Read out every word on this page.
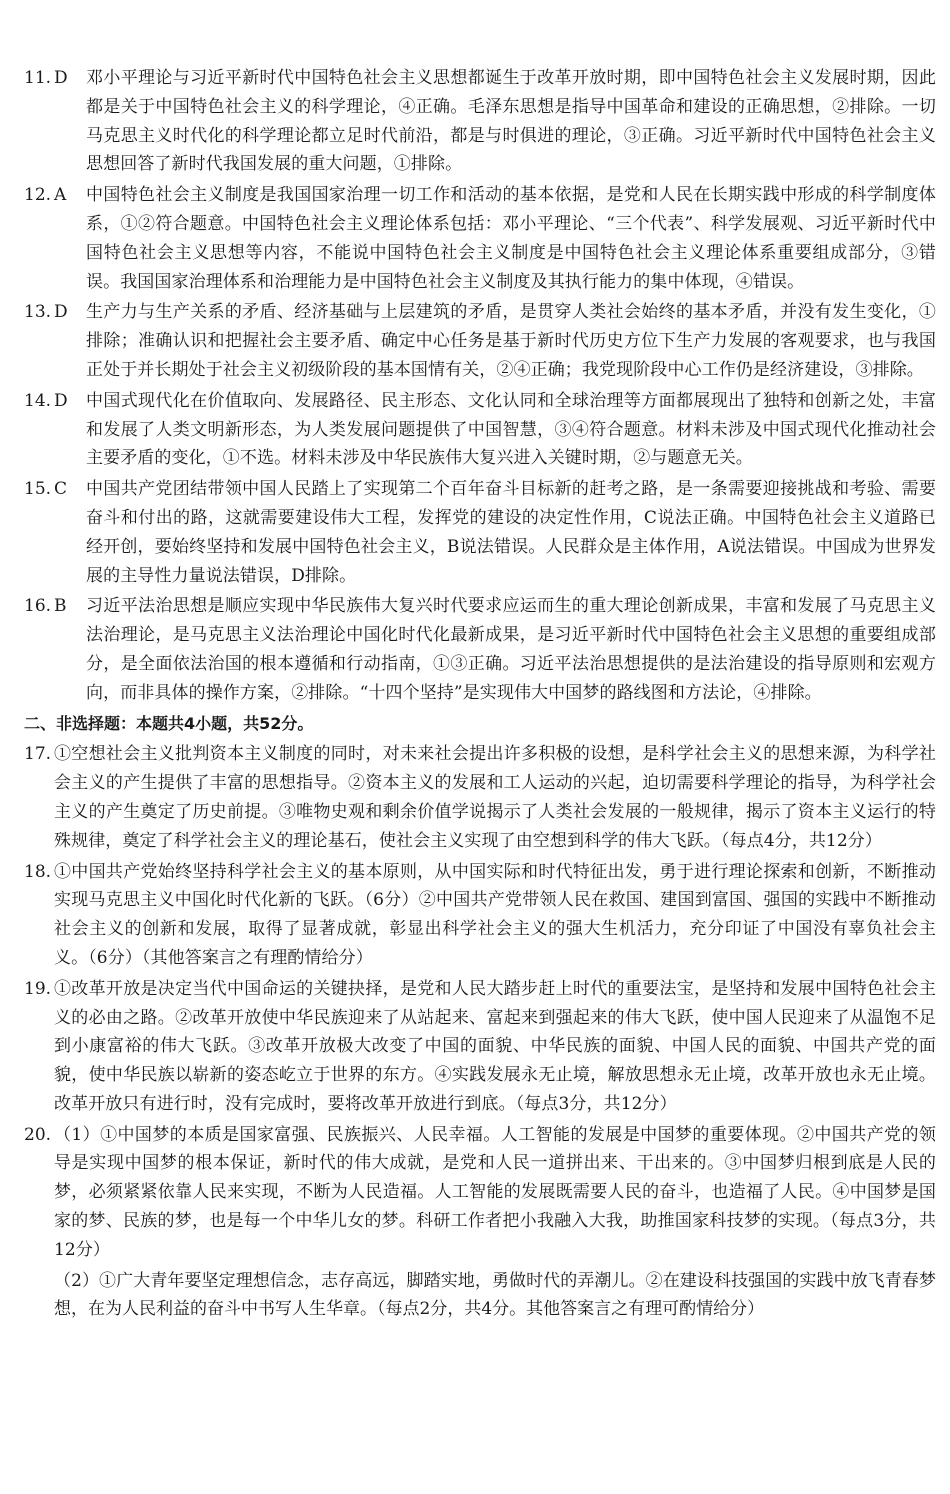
11. D	邓小平理论与习近平新时代中国特色社会主义思想都诞生于改革开放时期，即中国特色社会主义发展时期，因此都是关于中国特色社会主义的科学理论，④正确。毛泽东思想是指导中国革命和建设的正确思想，②排除。一切马克思主义时代化的科学理论都立足时代前沿，都是与时俱进的理论，③正确。习近平新时代中国特色社会主义思想回答了新时代我国发展的重大问题，①排除。
12. A	中国特色社会主义制度是我国国家治理一切工作和活动的基本依据，是党和人民在长期实践中形成的科学制度体系，①②符合题意。中国特色社会主义理论体系包括：邓小平理论、“三个代表”、科学发展观、习近平新时代中国特色社会主义思想等内容，不能说中国特色社会主义制度是中国特色社会主义理论体系重要组成部分，③错误。我国国家治理体系和治理能力是中国特色社会主义制度及其执行能力的集中体现，④错误。
13. D	生产力与生产关系的矛盾、经济基础与上层建筑的矛盾，是贯穿人类社会始终的基本矛盾，并没有发生变化，①排除；准确认识和把握社会主要矛盾、确定中心任务是基于新时代历史方位下生产力发展的客观要求，也与我国正处于并长期处于社会主义初级阶段的基本国情有关，②④正确；我党现阶段中心工作仍是经济建设，③排除。
14. D	中国式现代化在价值取向、发展路径、民主形态、文化认同和全球治理等方面都展现出了独特和创新之处，丰富和发展了人类文明新形态，为人类发展问题提供了中国智慧，③④符合题意。材料未涉及中国式现代化推动社会主要矛盾的变化，①不选。材料未涉及中华民族伟大复兴进入关键时期，②与题意无关。
15. C	中国共产党团结带领中国人民踏上了实现第二个百年奋斗目标新的赶考之路，是一条需要迎接挑战和考验、需要奋斗和付出的路，这就需要建设伟大工程，发挥党的建设的决定性作用，C说法正确。中国特色社会主义道路已经开创，要始终坚持和发展中国特色社会主义，B说法错误。人民群众是主体作用，A说法错误。中国成为世界发展的主导性力量说法错误，D排除。
16. B	习近平法治思想是顺应实现中华民族伟大复兴时代要求应运而生的重大理论创新成果，丰富和发展了马克思主义法治理论，是马克思主义法治理论中国化时代化最新成果，是习近平新时代中国特色社会主义思想的重要组成部分，是全面依法治国的根本遵循和行动指南，①③正确。习近平法治思想提供的是法治建设的指导原则和宏观方向，而非具体的操作方案，②排除。“十四个坚持”是实现伟大中国梦的路线图和方法论，④排除。
二、非选择题：本题共4小题，共52分。
17. ①空想社会主义批判资本主义制度的同时，对未来社会提出许多积极的设想，是科学社会主义的思想来源，为科学社会主义的产生提供了丰富的思想指导。②资本主义的发展和工人运动的兴起，迫切需要科学理论的指导，为科学社会主义的产生奠定了历史前提。③唯物史观和剩余价值学说揭示了人类社会发展的一般规律，揭示了资本主义运行的特殊规律，奠定了科学社会主义的理论基石，使社会主义实现了由空想到科学的伟大飞跃。（每点4分，共12分）
18. ①中国共产党始终坚持科学社会主义的基本原则，从中国实际和时代特征出发，勇于进行理论探索和创新，不断推动实现马克思主义中国化时代化新的飞跃。（6分）②中国共产党带领人民在救国、建国到富国、强国的实践中不断推动社会主义的创新和发展，取得了显著成就，彰显出科学社会主义的强大生机活力，充分印证了中国没有辜负社会主义。（6分）（其他答案言之有理酌情给分）
19. ①改革开放是决定当代中国命运的关键抉择，是党和人民大踏步赶上时代的重要法宝，是坚持和发展中国特色社会主义的必由之路。②改革开放使中华民族迎来了从站起来、富起来到强起来的伟大飞跃，使中国人民迎来了从温饱不足到小康富裕的伟大飞跃。③改革开放极大改变了中国的面貌、中华民族的面貌、中国人民的面貌、中国共产党的面貌，使中华民族以崭新的姿态屹立于世界的东方。④实践发展永无止境，解放思想永无止境，改革开放也永无止境。改革开放只有进行时，没有完成时，要将改革开放进行到底。（每点3分，共12分）
20. （1）①中国梦的本质是国家富强、民族振兴、人民幸福。人工智能的发展是中国梦的重要体现。②中国共产党的领导是实现中国梦的根本保证，新时代的伟大成就，是党和人民一道拼出来、干出来的。③中国梦归根到底是人民的梦，必须紧紧依靠人民来实现，不断为人民造福。人工智能的发展既需要人民的奋斗，也造福了人民。④中国梦是国家的梦、民族的梦，也是每一个中华儿女的梦。科研工作者把小我融入大我，助推国家科技梦的实现。（每点3分，共12分）
（2）①广大青年要坚定理想信念，志存高远，脚踏实地，勇做时代的弄潮儿。②在建设科技强国的实践中放飞青春梦想，在为人民利益的奋斗中书写人生华章。（每点2分，共4分。其他答案言之有理可酌情给分）
